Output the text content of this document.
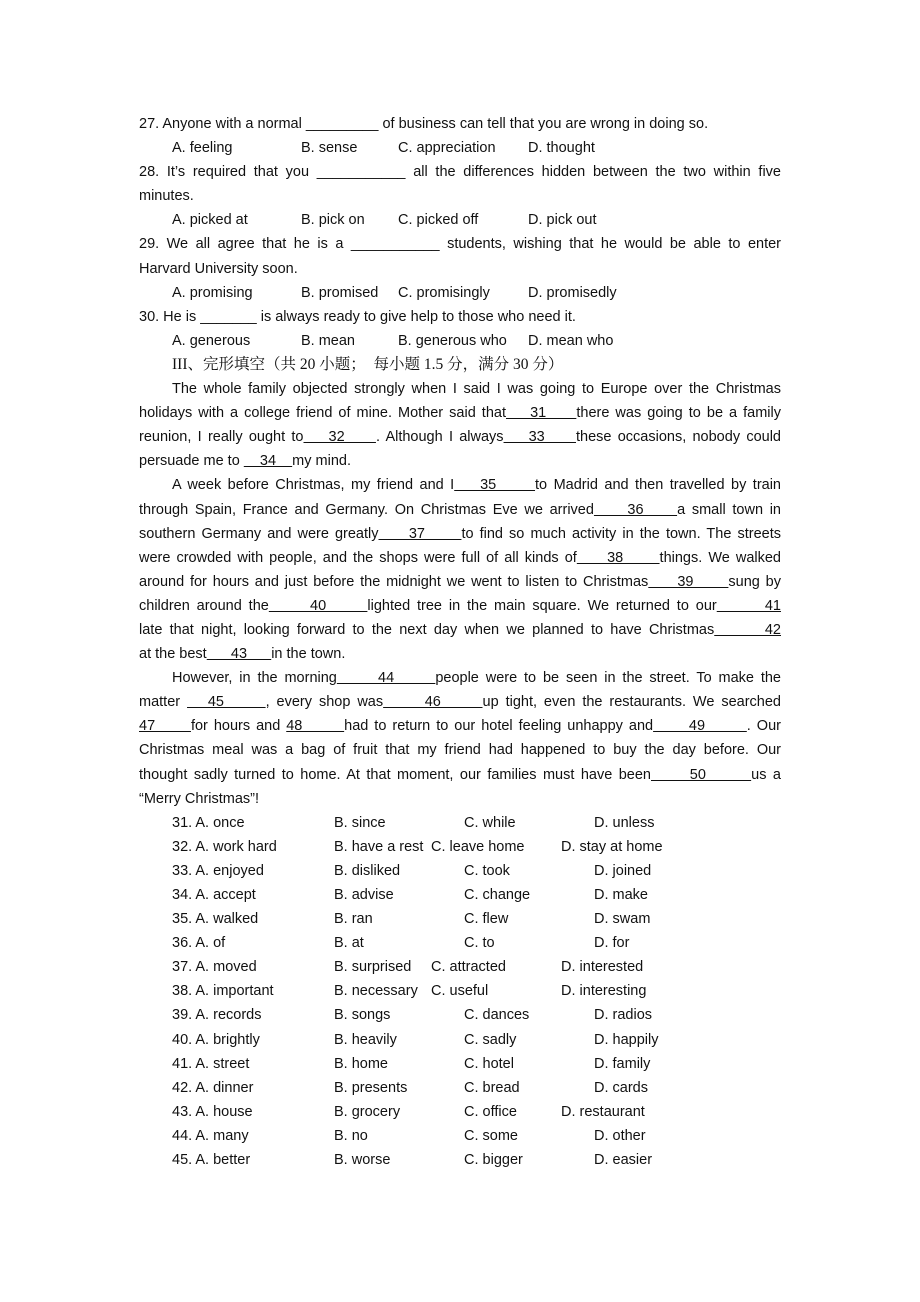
27. Anyone with a normal _________ of business can tell that you are wrong in doing so.
A. feeling	B. sense	C. appreciation D. thought
28. It’s required that you ___________ all the differences hidden between the two within five
minutes.
A. picked at	B. pick on C. picked off	D. pick out
29. We all agree that he is a ___________ students, wishing that he would be able to enter
Harvard University soon.
A. promising	B. promised C. promisingly	D. promisedly
30. He is _______ is always ready to give help to those who need it.
A. generous	B. mean	B. generous who D. mean who
III、完形填空（共 20 小题；　每小题 1.5 分，满分 30 分）
The whole family objected strongly when I said I was going to Europe over the Christmas
holidays with a college friend of mine. Mother said that    31     there was going to be a family
reunion, I really ought to    32     . Although I always    33     these occasions, nobody could
persuade me to     34    my mind.
A week before Christmas, my friend and I    35      to Madrid and then travelled by train
through Spain, France and Germany. On Christmas Eve we arrived     36     a small town in
southern Germany and were greatly     37      to find so much activity in the town. The streets
were crowded with people, and the shops were full of all kinds of     38      things. We walked
around for hours and just before the midnight we went to listen to Christmas     39      sung by
children around the      40      lighted tree in the main square. We returned to our       41
late that night, looking forward to the next day when we planned to have Christmas       42
at the best      43      in the town.
However, in the morning      44      people were to be seen in the street. To make the
matter    45      , every shop was      46      up tight, even the restaurants. We searched
47      for hours and 48       had to return to our hotel feeling unhappy and      49       . Our
Christmas meal was a bag of fruit that my friend had happened to buy the day before. Our
thought sadly turned to home. At that moment, our families must have been      50       us a
“Merry Christmas”!
31. A. once	B. since	C. while	D. unless
32. A. work hard	B. have a rest C. leave home	D. stay at home
33. A. enjoyed	B. disliked	C. took	D. joined
34. A. accept	B. advise	C. change	D. make
35. A. walked	B. ran	C. flew	D. swam
36. A. of	B. at	C. to	D. for
37. A. moved	B. surprised C. attracted	D. interested
38. A. important	B. necessary C. useful	D. interesting
39. A. records	B. songs	C. dances	D. radios
40. A. brightly	B. heavily	C. sadly	D. happily
41. A. street	B. home	C. hotel	D. family
42. A. dinner	B. presents	C. bread	D. cards
43. A. house	B. grocery	C. office	D. restaurant
44. A. many	B. no	C. some	D. other
45. A. better	B. worse	C. bigger	D. easier
